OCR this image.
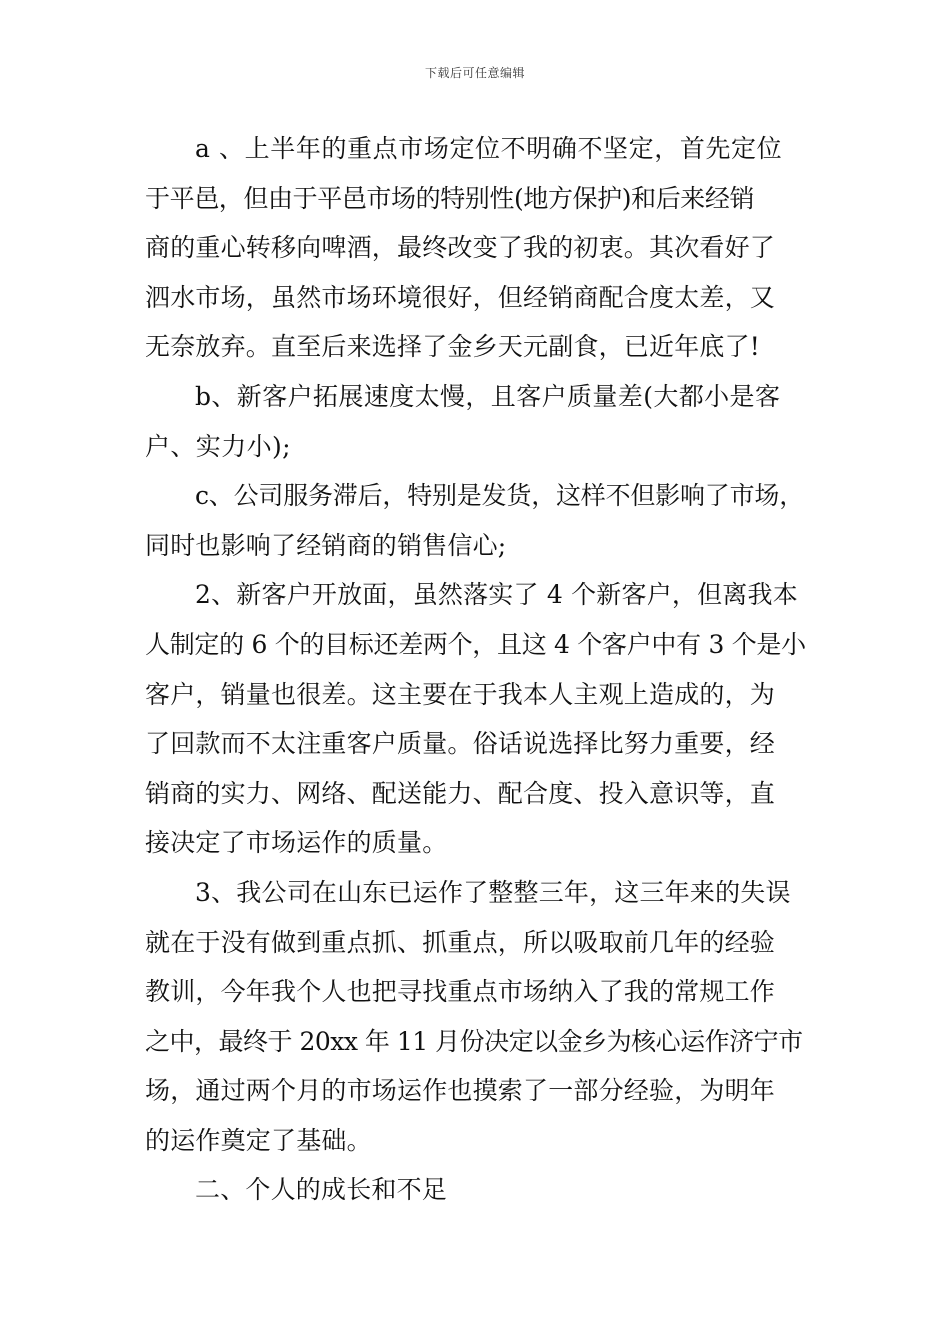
下载后可任意编辑
a 、上半年的重点市场定位不明确不坚定，首先定位
于平邑，但由于平邑市场的特别性(地方保护)和后来经销
商的重心转移向啤酒，最终改变了我的初衷。其次看好了
泗水市场，虽然市场环境很好，但经销商配合度太差，又
无奈放弃。直至后来选择了金乡天元副食，已近年底了!
b、新客户拓展速度太慢，且客户质量差(大都小是客
户、实力小);
c、公司服务滞后，特别是发货，这样不但影响了市场，
同时也影响了经销商的销售信心;
2、新客户开放面，虽然落实了 4 个新客户，但离我本
人制定的 6 个的目标还差两个，且这 4 个客户中有 3 个是小
客户，销量也很差。这主要在于我本人主观上造成的，为
了回款而不太注重客户质量。俗话说选择比努力重要，经
销商的实力、网络、配送能力、配合度、投入意识等，直
接决定了市场运作的质量。
3、我公司在山东已运作了整整三年，这三年来的失误
就在于没有做到重点抓、抓重点，所以吸取前几年的经验
教训，今年我个人也把寻找重点市场纳入了我的常规工作
之中，最终于 20xx 年 11 月份决定以金乡为核心运作济宁市
场，通过两个月的市场运作也摸索了一部分经验，为明年
的运作奠定了基础。
二、个人的成长和不足
